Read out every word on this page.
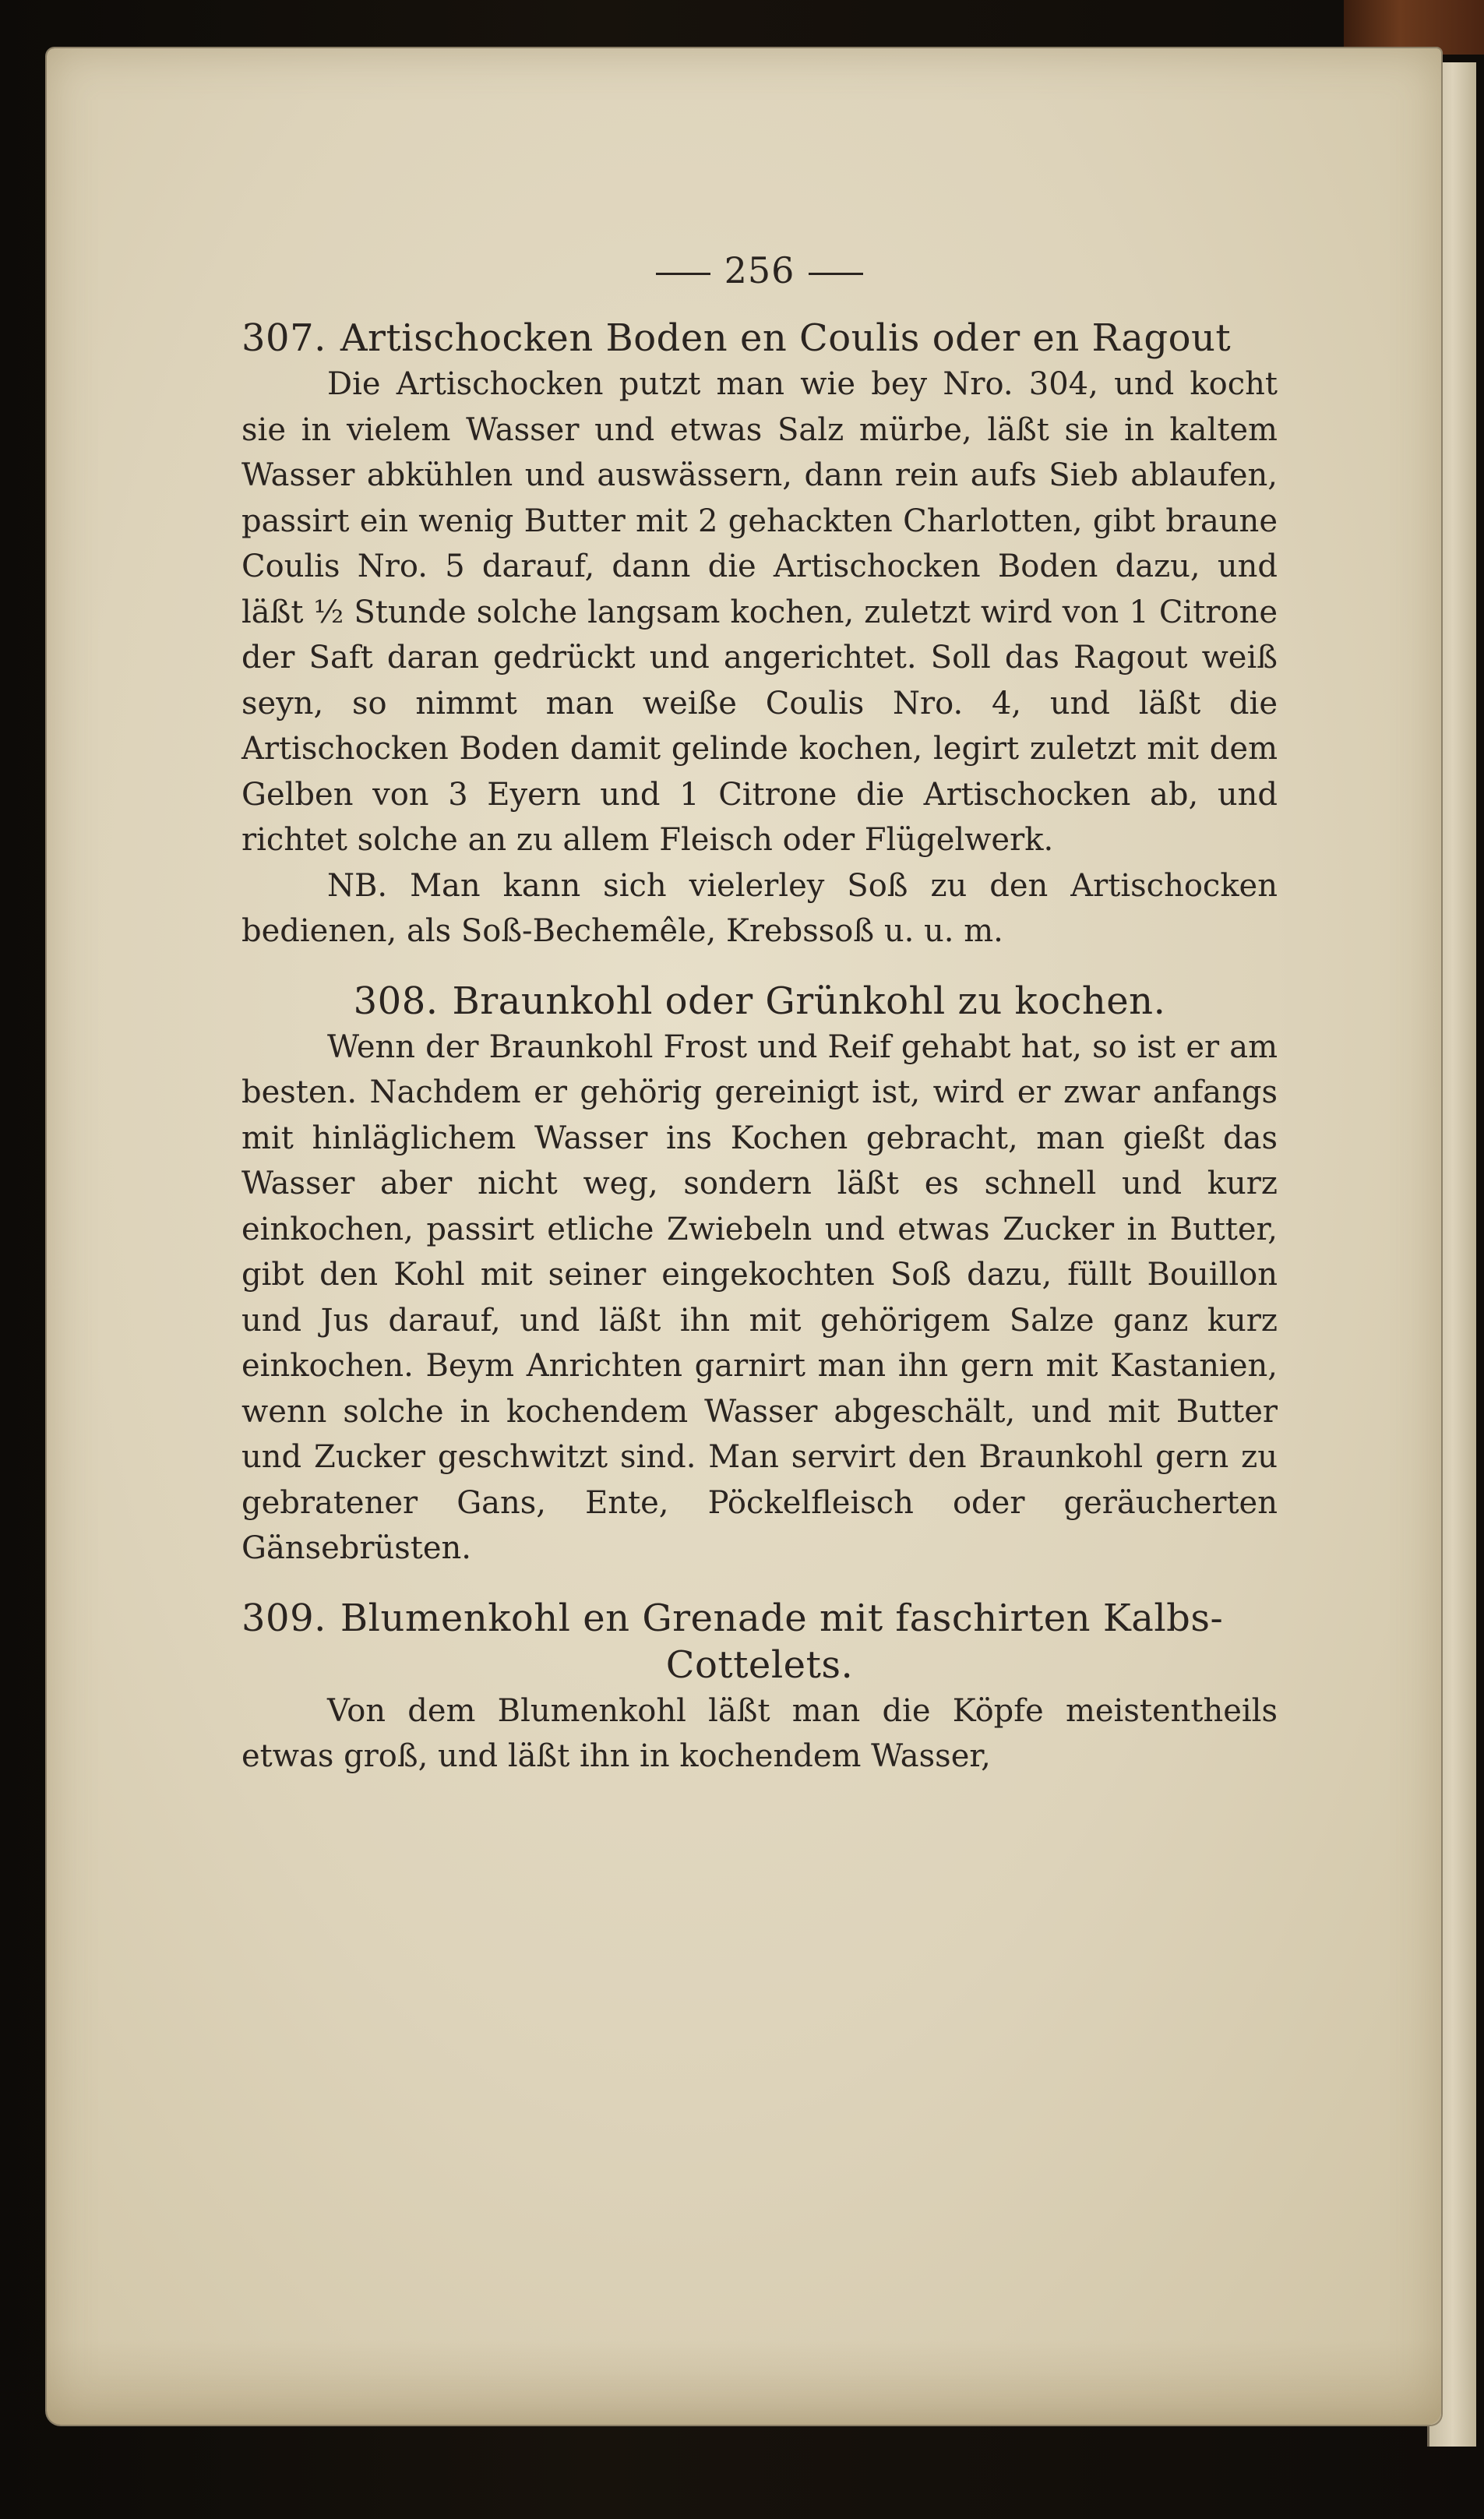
256
307. Artischocken Boden en Coulis oder en Ragout

Die Artischocken putzt man wie bey Nro. 304, und kocht sie in vielem Wasser und etwas Salz mürbe, läßt sie in kaltem Wasser abkühlen und auswässern, dann rein aufs Sieb ablaufen, passirt ein wenig Butter mit 2 gehackten Charlotten, gibt braune Coulis Nro. 5 darauf, dann die Artischocken Boden dazu, und läßt ½ Stunde solche langsam kochen, zuletzt wird von 1 Citrone der Saft daran gedrückt und angerichtet. Soll das Ragout weiß seyn, so nimmt man weiße Coulis Nro. 4, und läßt die Artischocken Boden damit gelinde kochen, legirt zuletzt mit dem Gelben von 3 Eyern und 1 Citrone die Artischocken ab, und richtet solche an zu allem Fleisch oder Flügelwerk.

NB. Man kann sich vielerley Soß zu den Artischocken bedienen, als Soß-Bechemêle, Krebssoß u. u. m.

308. Braunkohl oder Grünkohl zu kochen.

Wenn der Braunkohl Frost und Reif gehabt hat, so ist er am besten. Nachdem er gehörig gereinigt ist, wird er zwar anfangs mit hinläglichem Wasser ins Kochen gebracht, man gießt das Wasser aber nicht weg, sondern läßt es schnell und kurz einkochen, passirt etliche Zwiebeln und etwas Zucker in Butter, gibt den Kohl mit seiner eingekochten Soß dazu, füllt Bouillon und Jus darauf, und läßt ihn mit gehörigem Salze ganz kurz einkochen. Beym Anrichten garnirt man ihn gern mit Kastanien, wenn solche in kochendem Wasser abgeschält, und mit Butter und Zucker geschwitzt sind. Man servirt den Braunkohl gern zu gebratener Gans, Ente, Pöckelfleisch oder geräucherten Gänsebrüsten.

309. Blumenkohl en Grenade mit faschirten Kalbs-
Cottelets.

Von dem Blumenkohl läßt man die Köpfe meistentheils etwas groß, und läßt ihn in kochendem Wasser,
